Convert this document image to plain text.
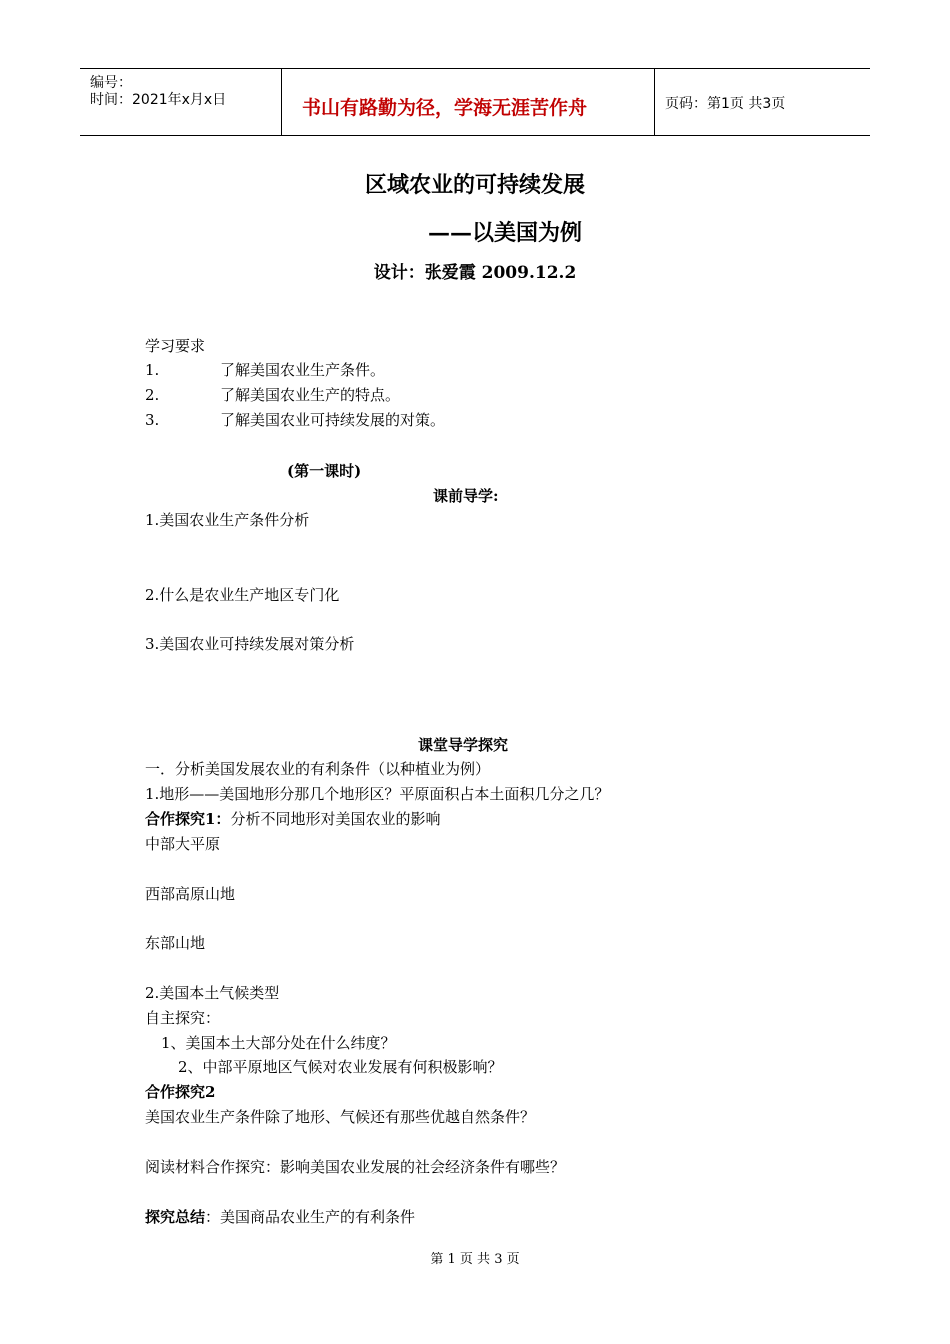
编号：
时间：2021年x月x日	书山有路勤为径，学海无涯苦作舟	页码：第1页 共3页
区域农业的可持续发展
——以美国为例
设计：张爱霞 2009.12.2
学习要求
1.	了解美国农业生产条件。
2.	了解美国农业生产的特点。
3.	了解美国农业可持续发展的对策。
(第一课时)
课前导学:
1.美国农业生产条件分析
2.什么是农业生产地区专门化
3.美国农业可持续发展对策分析
课堂导学探究
一．分析美国发展农业的有利条件（以种植业为例）
1.地形——美国地形分那几个地形区？平原面积占本土面积几分之几？
合作探究1：分析不同地形对美国农业的影响
中部大平原
西部高原山地
东部山地
2.美国本土气候类型
自主探究：
1、美国本土大部分处在什么纬度？
2、中部平原地区气候对农业发展有何积极影响？
合作探究2
美国农业生产条件除了地形、气候还有那些优越自然条件？
阅读材料合作探究：影响美国农业发展的社会经济条件有哪些？
探究总结：美国商品农业生产的有利条件
第 1 页 共 3 页
